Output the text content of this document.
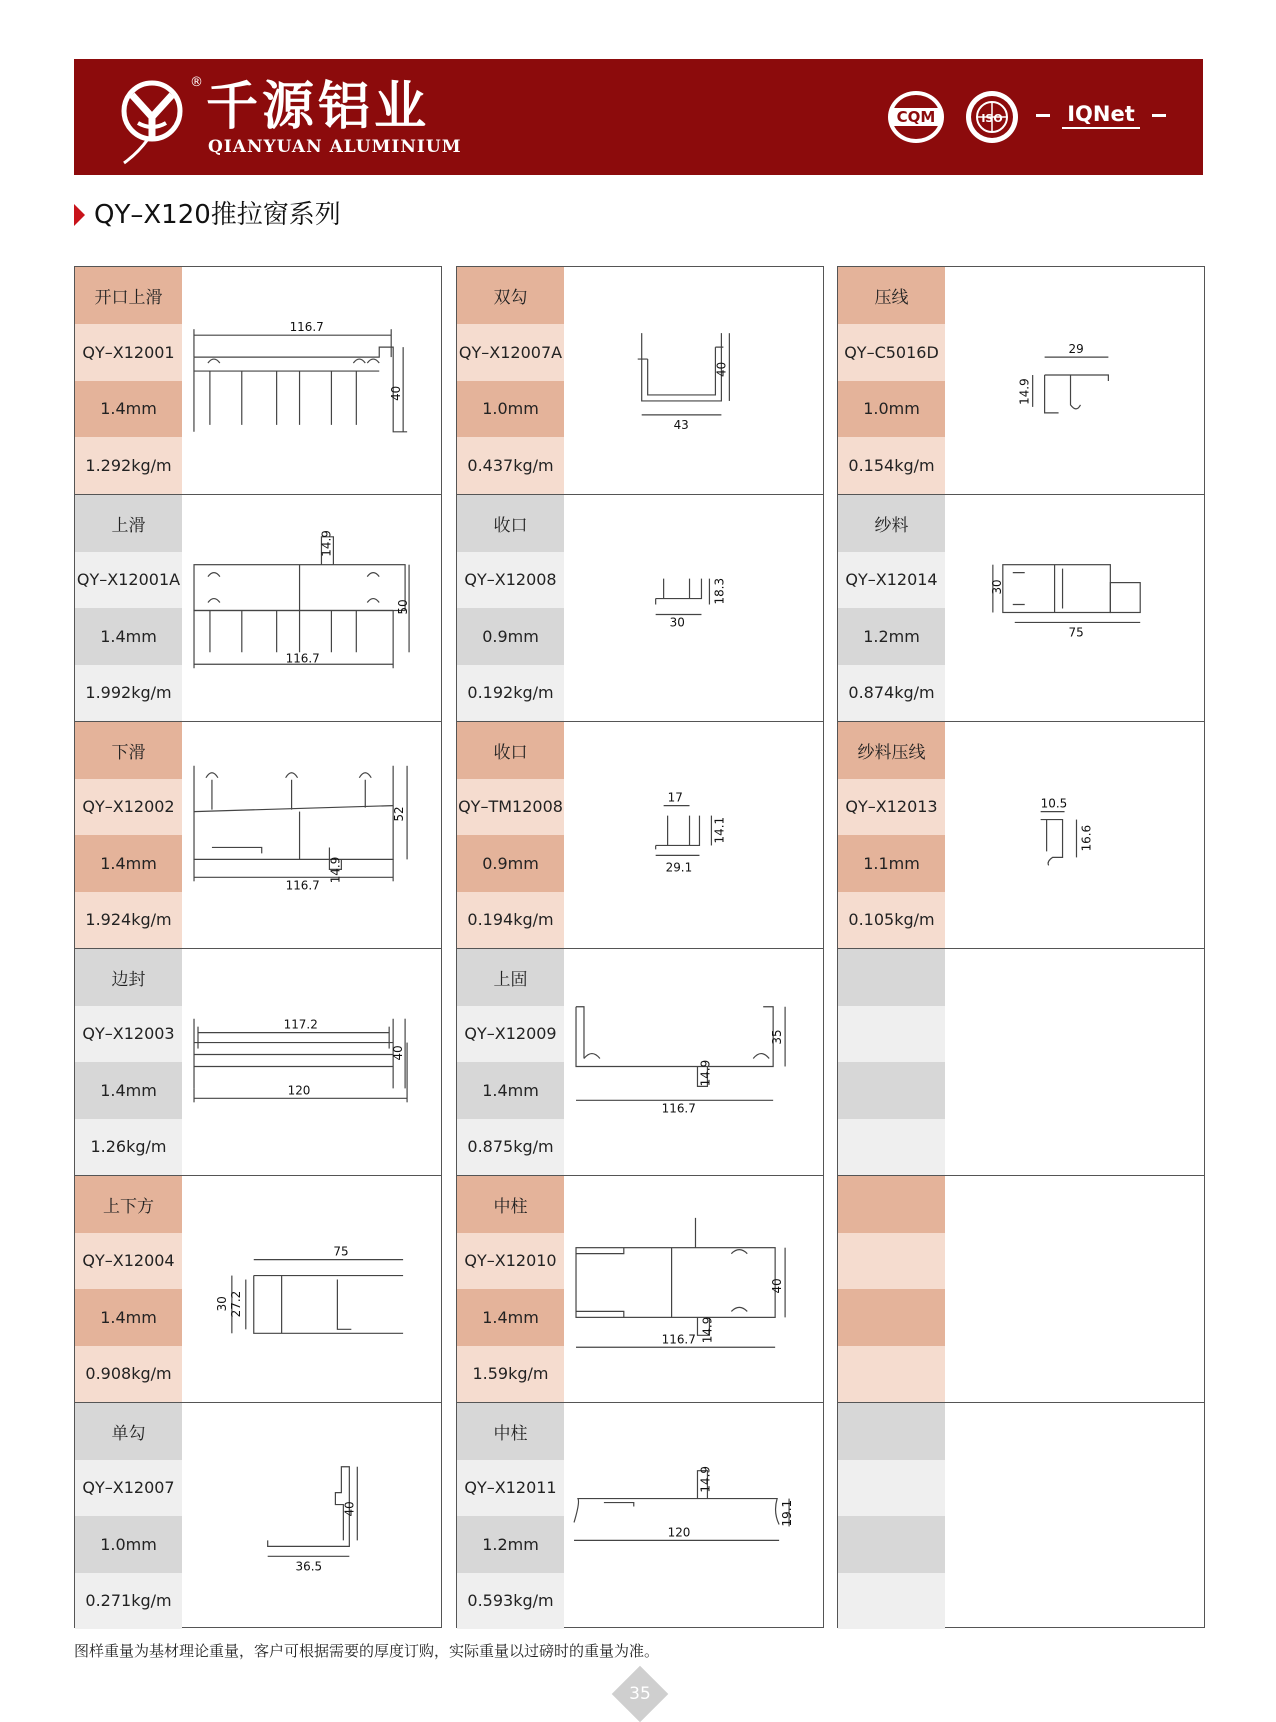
® 千源铝业
QIANYUAN ALUMINIUM
CQM	ISO	IQNet
QY–X120推拉窗系列
开口上滑
QY–X12001
1.4mm
1.292kg/m
116.7
40
上滑
QY–X12001A
1.4mm
1.992kg/m
14.9
50
116.7
下滑
QY–X12002
1.4mm
1.924kg/m
52
14.9
116.7
边封
QY–X12003
1.4mm
1.26kg/m
117.2
40
120
上下方
QY–X12004
1.4mm
0.908kg/m
75
30 27.2
单勾
QY–X12007
1.0mm
0.271kg/m
40
36.5
双勾
QY–X12007A
1.0mm
0.437kg/m
40
43
收口
QY–X12008
0.9mm
0.192kg/m
18.3
30
收口
QY–TM12008
0.9mm
0.194kg/m
17
14.1
29.1
上固
QY–X12009
1.4mm
0.875kg/m
35
14.9
116.7
中柱
QY–X12010
1.4mm
1.59kg/m
40
14.9
116.7
中柱
QY–X12011
1.2mm
0.593kg/m
14.9
19.1
120
压线
QY–C5016D
1.0mm
0.154kg/m
29
14.9
纱料
QY–X12014
1.2mm
0.874kg/m
30
75
纱料压线
QY–X12013
1.1mm
0.105kg/m
10.5
16.6
图样重量为基材理论重量，客户可根据需要的厚度订购，实际重量以过磅时的重量为准。
35
